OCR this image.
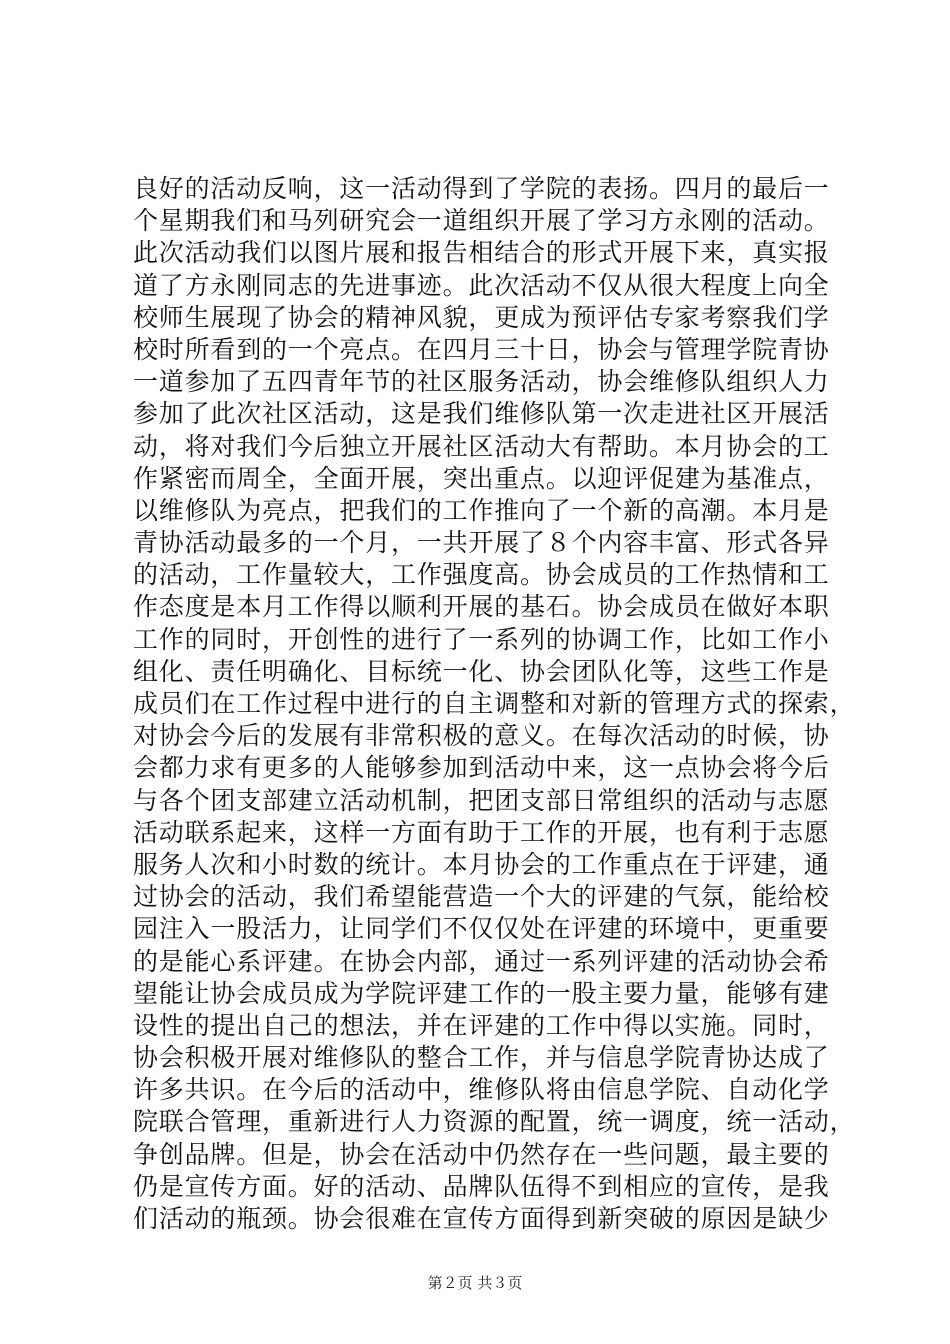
良好的活动反响，这一活动得到了学院的表扬。四月的最后一
个星期我们和马列研究会一道组织开展了学习方永刚的活动。
此次活动我们以图片展和报告相结合的形式开展下来，真实报
道了方永刚同志的先进事迹。此次活动不仅从很大程度上向全
校师生展现了协会的精神风貌，更成为预评估专家考察我们学
校时所看到的一个亮点。在四月三十日，协会与管理学院青协
一道参加了五四青年节的社区服务活动，协会维修队组织人力
参加了此次社区活动，这是我们维修队第一次走进社区开展活
动，将对我们今后独立开展社区活动大有帮助。本月协会的工
作紧密而周全，全面开展，突出重点。以迎评促建为基准点，
以维修队为亮点，把我们的工作推向了一个新的高潮。本月是
青协活动最多的一个月，一共开展了８个内容丰富、形式各异
的活动，工作量较大，工作强度高。协会成员的工作热情和工
作态度是本月工作得以顺利开展的基石。协会成员在做好本职
工作的同时，开创性的进行了一系列的协调工作，比如工作小
组化、责任明确化、目标统一化、协会团队化等，这些工作是
成员们在工作过程中进行的自主调整和对新的管理方式的探索，
对协会今后的发展有非常积极的意义。在每次活动的时候，协
会都力求有更多的人能够参加到活动中来，这一点协会将今后
与各个团支部建立活动机制，把团支部日常组织的活动与志愿
活动联系起来，这样一方面有助于工作的开展，也有利于志愿
服务人次和小时数的统计。本月协会的工作重点在于评建，通
过协会的活动，我们希望能营造一个大的评建的气氛，能给校
园注入一股活力，让同学们不仅仅处在评建的环境中，更重要
的是能心系评建。在协会内部，通过一系列评建的活动协会希
望能让协会成员成为学院评建工作的一股主要力量，能够有建
设性的提出自己的想法，并在评建的工作中得以实施。同时，
协会积极开展对维修队的整合工作，并与信息学院青协达成了
许多共识。在今后的活动中，维修队将由信息学院、自动化学
院联合管理，重新进行人力资源的配置，统一调度，统一活动，
争创品牌。但是，协会在活动中仍然存在一些问题，最主要的
仍是宣传方面。好的活动、品牌队伍得不到相应的宣传，是我
们活动的瓶颈。协会很难在宣传方面得到新突破的原因是缺少
第２页 共３页
